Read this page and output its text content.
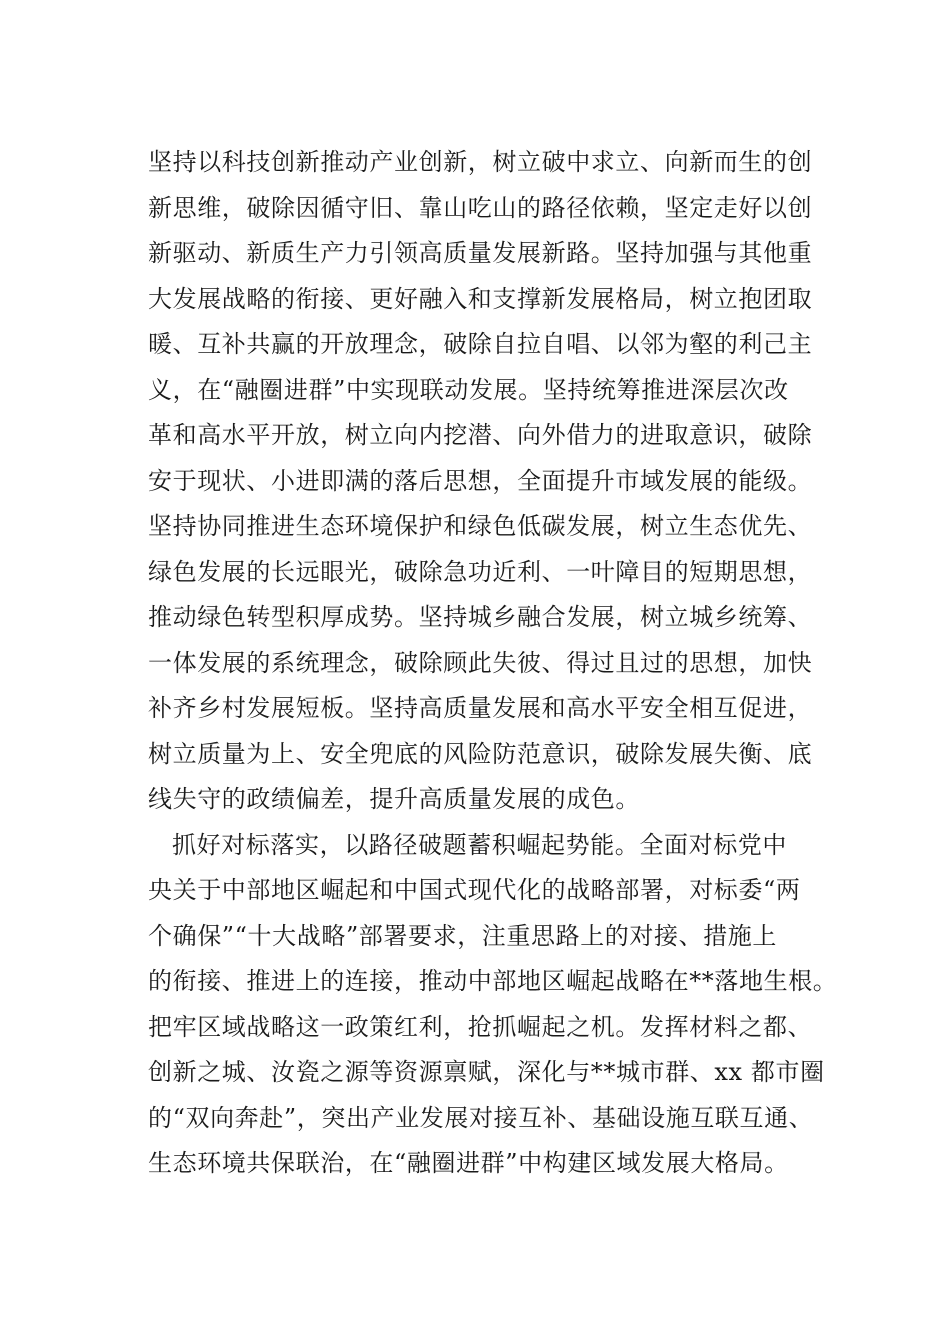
坚持以科技创新推动产业创新，树立破中求立、向新而生的创
新思维，破除因循守旧、靠山吃山的路径依赖，坚定走好以创
新驱动、新质生产力引领高质量发展新路。坚持加强与其他重
大发展战略的衔接、更好融入和支撑新发展格局，树立抱团取
暖、互补共赢的开放理念，破除自拉自唱、以邻为壑的利己主
义，在“融圈进群”中实现联动发展。坚持统筹推进深层次改
革和高水平开放，树立向内挖潜、向外借力的进取意识，破除
安于现状、小进即满的落后思想，全面提升市域发展的能级。
坚持协同推进生态环境保护和绿色低碳发展，树立生态优先、
绿色发展的长远眼光，破除急功近利、一叶障目的短期思想，
推动绿色转型积厚成势。坚持城乡融合发展，树立城乡统筹、
一体发展的系统理念，破除顾此失彼、得过且过的思想，加快
补齐乡村发展短板。坚持高质量发展和高水平安全相互促进，
树立质量为上、安全兜底的风险防范意识，破除发展失衡、底
线失守的政绩偏差，提升高质量发展的成色。
抓好对标落实，以路径破题蓄积崛起势能。全面对标党中
央关于中部地区崛起和中国式现代化的战略部署，对标委“两
个确保”“十大战略”部署要求，注重思路上的对接、措施上
的衔接、推进上的连接，推动中部地区崛起战略在**落地生根。
把牢区域战略这一政策红利，抢抓崛起之机。发挥材料之都、
创新之城、汝瓷之源等资源禀赋，深化与**城市群、xx 都市圈
的“双向奔赴”，突出产业发展对接互补、基础设施互联互通、
生态环境共保联治，在“融圈进群”中构建区域发展大格局。
